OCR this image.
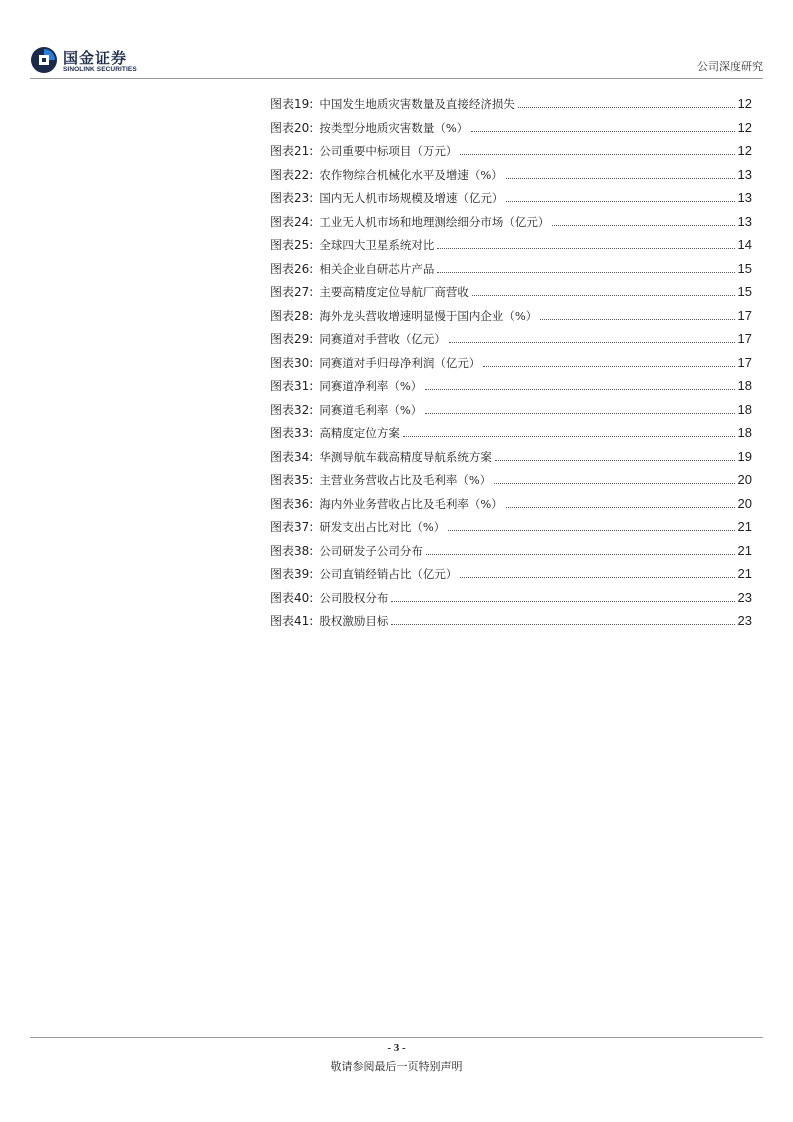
国金证券
SINOLINK SECURITIES	公司深度研究
图表19: 中国发生地质灾害数量及直接经济损失	12
图表20: 按类型分地质灾害数量（%）	12
图表21: 公司重要中标项目（万元）	12
图表22: 农作物综合机械化水平及增速（%）	13
图表23: 国内无人机市场规模及增速（亿元）	13
图表24: 工业无人机市场和地理测绘细分市场（亿元）	13
图表25: 全球四大卫星系统对比	14
图表26: 相关企业自研芯片产品	15
图表27: 主要高精度定位导航厂商营收	15
图表28: 海外龙头营收增速明显慢于国内企业（%）	17
图表29: 同赛道对手营收（亿元）	17
图表30: 同赛道对手归母净利润（亿元）	17
图表31: 同赛道净利率（%）	18
图表32: 同赛道毛利率（%）	18
图表33: 高精度定位方案	18
图表34: 华测导航车载高精度导航系统方案	19
图表35: 主营业务营收占比及毛利率（%）	20
图表36: 海内外业务营收占比及毛利率（%）	20
图表37: 研发支出占比对比（%）	21
图表38: 公司研发子公司分布	21
图表39: 公司直销经销占比（亿元）	21
图表40: 公司股权分布	23
图表41: 股权激励目标	23
- 3 -
敬请参阅最后一页特别声明
